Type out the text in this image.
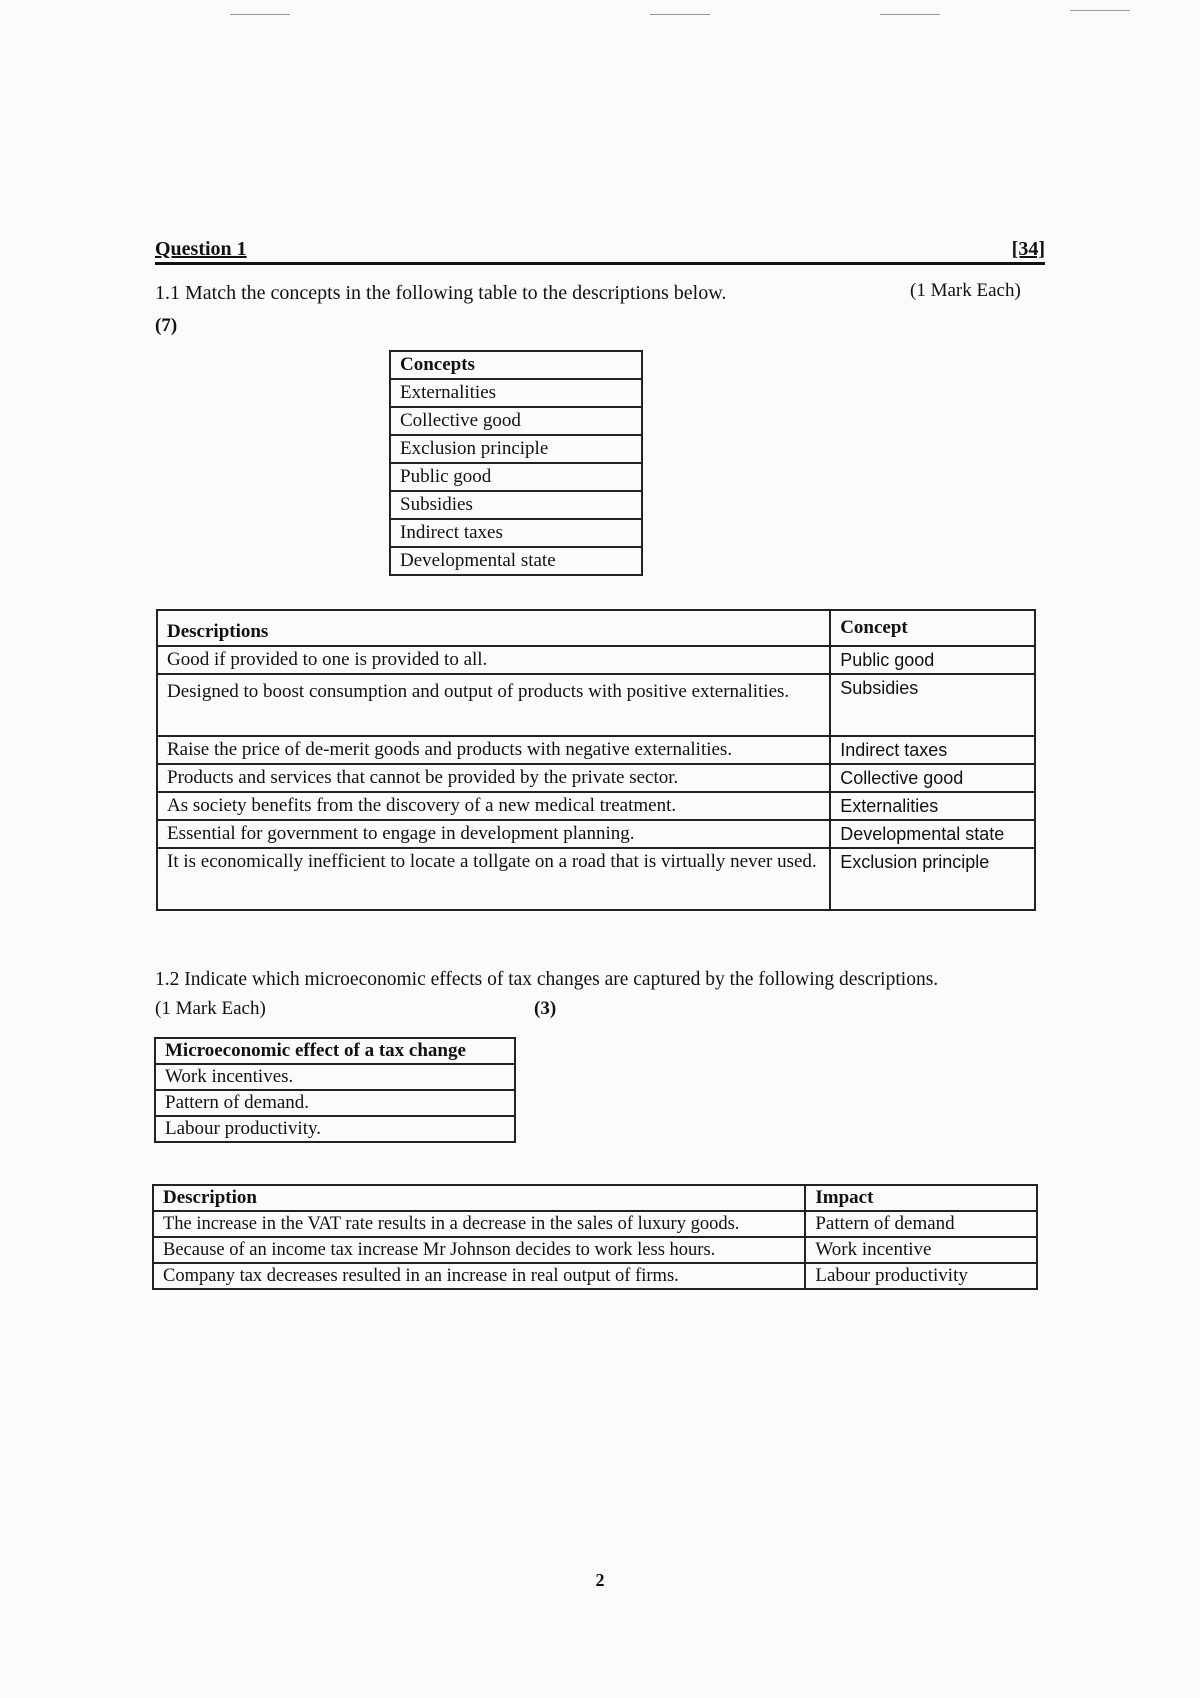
Question 1	[34]
1.1 Match the concepts in the following table to the descriptions below.	(1 Mark Each)
(7)
Concepts
Externalities
Collective good
Exclusion principle
Public good
Subsidies
Indirect taxes
Developmental state
Descriptions	Concept
Good if provided to one is provided to all.	Public good
Designed to boost consumption and output of products with positive externalities.	Subsidies
Raise the price of de-merit goods and products with negative externalities.	Indirect taxes
Products and services that cannot be provided by the private sector.	Collective good
As society benefits from the discovery of a new medical treatment.	Externalities
Essential for government to engage in development planning.	Developmental state
It is economically inefficient to locate a tollgate on a road that is virtually never used.	Exclusion principle
1.2 Indicate which microeconomic effects of tax changes are captured by the following descriptions.
(1 Mark Each)	(3)
Microeconomic effect of a tax change
Work incentives.
Pattern of demand.
Labour productivity.
Description	Impact
The increase in the VAT rate results in a decrease in the sales of luxury goods.	Pattern of demand
Because of an income tax increase Mr Johnson decides to work less hours.	Work incentive
Company tax decreases resulted in an increase in real output of firms.	Labour productivity
2
